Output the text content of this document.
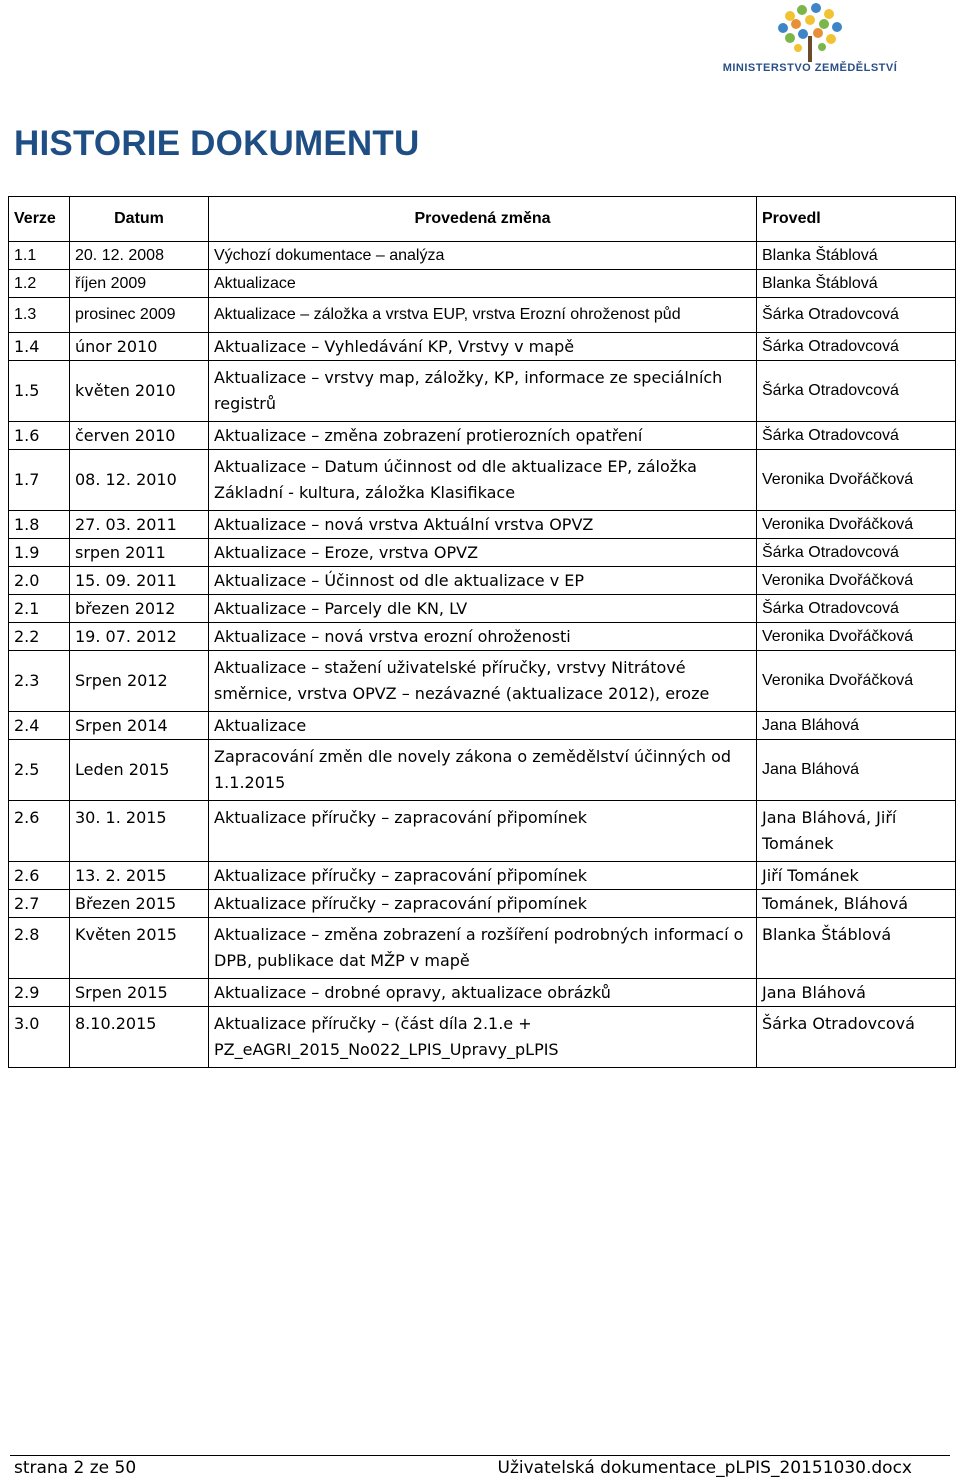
MINISTERSTVO ZEMĚDĚLSTVÍ
HISTORIE DOKUMENTU
Verze	Datum	Provedená změna	Provedl
1.1	20. 12. 2008	Výchozí dokumentace – analýza	Blanka Štáblová
1.2	říjen 2009	Aktualizace	Blanka Štáblová
1.3	prosinec 2009	Aktualizace – záložka a vrstva EUP, vrstva Erozní ohroženost půd	Šárka Otradovcová
1.4	únor 2010	Aktualizace – Vyhledávání KP, Vrstvy v mapě	Šárka Otradovcová
1.5	květen 2010	Aktualizace – vrstvy map, záložky, KP, informace ze speciálních registrů	Šárka Otradovcová
1.6	červen 2010	Aktualizace – změna zobrazení protierozních opatření	Šárka Otradovcová
1.7	08. 12. 2010	Aktualizace – Datum účinnost od dle aktualizace EP, záložka Základní - kultura, záložka Klasifikace	Veronika Dvořáčková
1.8	27. 03. 2011	Aktualizace – nová vrstva Aktuální vrstva OPVZ	Veronika Dvořáčková
1.9	srpen 2011	Aktualizace – Eroze, vrstva OPVZ	Šárka Otradovcová
2.0	15. 09. 2011	Aktualizace – Účinnost od dle aktualizace v EP	Veronika Dvořáčková
2.1	březen 2012	Aktualizace – Parcely dle KN, LV	Šárka Otradovcová
2.2	19. 07. 2012	Aktualizace – nová vrstva erozní ohroženosti	Veronika Dvořáčková
2.3	Srpen 2012	Aktualizace – stažení uživatelské příručky, vrstvy Nitrátové směrnice, vrstva OPVZ – nezávazné (aktualizace 2012), eroze	Veronika Dvořáčková
2.4	Srpen 2014	Aktualizace	Jana Bláhová
2.5	Leden 2015	Zapracování změn dle novely zákona o zemědělství účinných od 1.1.2015	Jana Bláhová
2.6	30. 1. 2015	Aktualizace příručky – zapracování připomínek	Jana Bláhová, Jiří Tománek
2.6	13. 2. 2015	Aktualizace příručky – zapracování připomínek	Jiří Tománek
2.7	Březen 2015	Aktualizace příručky – zapracování připomínek	Tománek, Bláhová
2.8	Květen 2015	Aktualizace – změna zobrazení a rozšíření podrobných informací o DPB, publikace dat MŽP v mapě	Blanka Štáblová
2.9	Srpen 2015	Aktualizace – drobné opravy, aktualizace obrázků	Jana Bláhová
3.0	8.10.2015	Aktualizace příručky – (část díla 2.1.e + PZ_eAGRI_2015_No022_LPIS_Upravy_pLPIS	Šárka Otradovcová
strana 2 ze 50	Uživatelská dokumentace_pLPIS_20151030.docx
